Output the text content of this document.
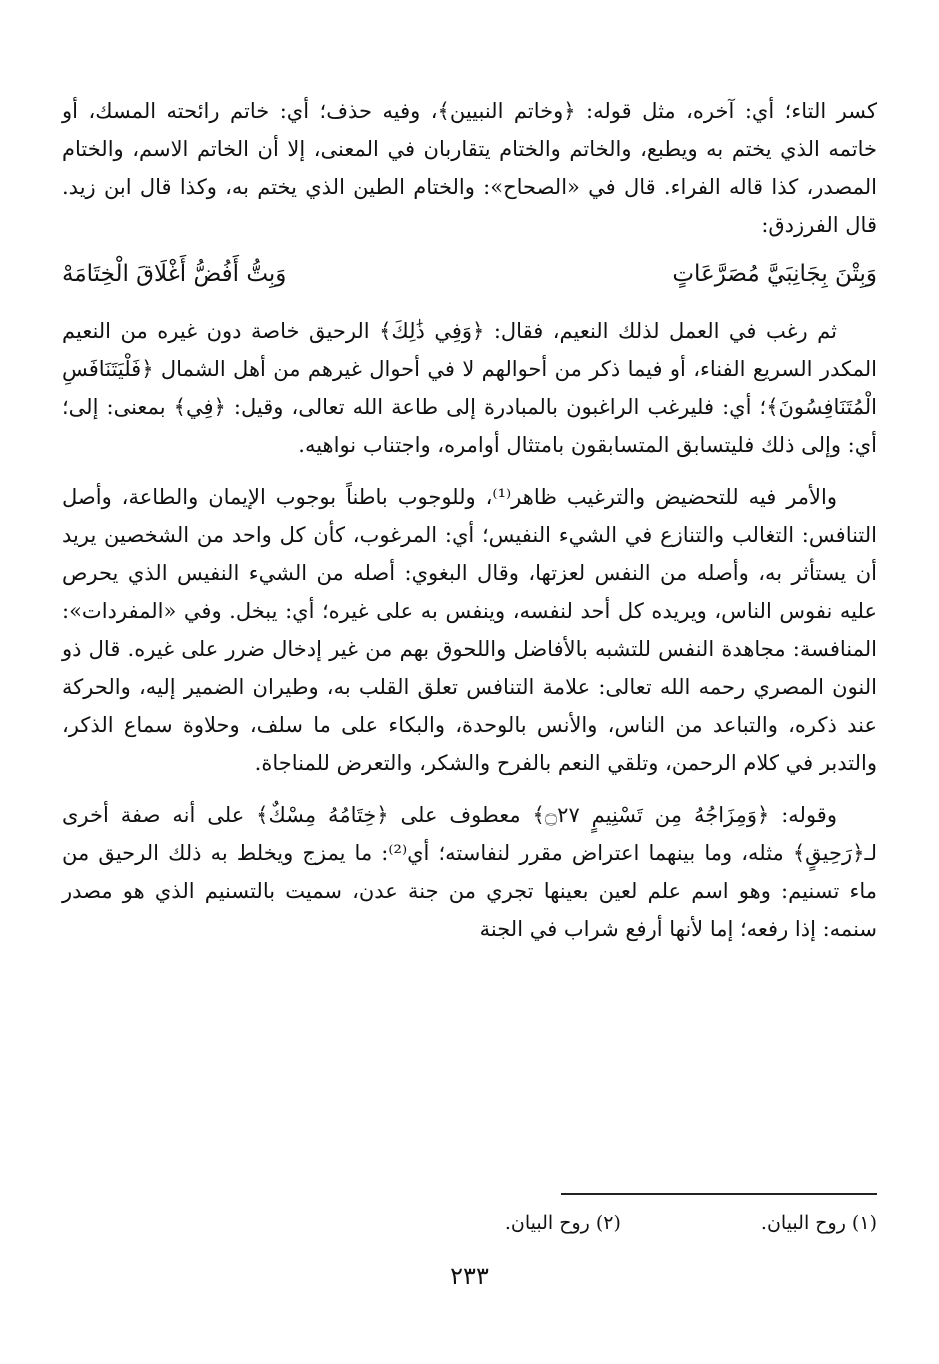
كسر التاء؛ أي: آخره، مثل قوله: ﴿وخاتم النبيين﴾، وفيه حذف؛ أي: خاتم رائحته المسك، أو خاتمه الذي يختم به ويطبع، والخاتم والختام يتقاربان في المعنى، إلا أن الخاتم الاسم، والختام المصدر، كذا قاله الفراء. قال في «الصحاح»: والختام الطين الذي يختم به، وكذا قال ابن زيد. قال الفرزدق:

وَبِتْنَ بِجَانِبَيَّ مُصَرَّعَاتٍ
وَبِتُّ أَفُضُّ أَغْلَاقَ الْخِتَامَهْ

ثم رغب في العمل لذلك النعيم، فقال: ﴿وَفِي ذَٰلِكَ﴾ الرحيق خاصة دون غيره من النعيم المكدر السريع الفناء، أو فيما ذكر من أحوالهم لا في أحوال غيرهم من أهل الشمال ﴿فَلْيَتَنَافَسِ الْمُتَنَافِسُونَ﴾؛ أي: فليرغب الراغبون بالمبادرة إلى طاعة الله تعالى، وقيل: ﴿فِي﴾ بمعنى: إلى؛ أي: وإلى ذلك فليتسابق المتسابقون بامتثال أوامره، واجتناب نواهيه.

والأمر فيه للتحضيض والترغيب ظاهر⁽¹⁾، وللوجوب باطناً بوجوب الإيمان والطاعة، وأصل التنافس: التغالب والتنازع في الشيء النفيس؛ أي: المرغوب، كأن كل واحد من الشخصين يريد أن يستأثر به، وأصله من النفس لعزتها، وقال البغوي: أصله من الشيء النفيس الذي يحرص عليه نفوس الناس، ويريده كل أحد لنفسه، وينفس به على غيره؛ أي: يبخل. وفي «المفردات»: المنافسة: مجاهدة النفس للتشبه بالأفاضل واللحوق بهم من غير إدخال ضرر على غيره. قال ذو النون المصري رحمه الله تعالى: علامة التنافس تعلق القلب به، وطيران الضمير إليه، والحركة عند ذكره، والتباعد من الناس، والأنس بالوحدة، والبكاء على ما سلف، وحلاوة سماع الذكر، والتدبر في كلام الرحمن، وتلقي النعم بالفرح والشكر، والتعرض للمناجاة.

وقوله: ﴿وَمِزَاجُهُ مِن تَسْنِيمٍ ۝٢٧﴾ معطوف على ﴿خِتَامُهُ مِسْكٌ﴾ على أنه صفة أخرى لـ﴿رَحِيقٍ﴾ مثله، وما بينهما اعتراض مقرر لنفاسته؛ أي⁽²⁾: ما يمزج ويخلط به ذلك الرحيق من ماء تسنيم: وهو اسم علم لعين بعينها تجري من جنة عدن، سميت بالتسنيم الذي هو مصدر سنمه: إذا رفعه؛ إما لأنها أرفع شراب في الجنة

(١) روح البيان.
(٢) روح البيان.
٢٣٣
